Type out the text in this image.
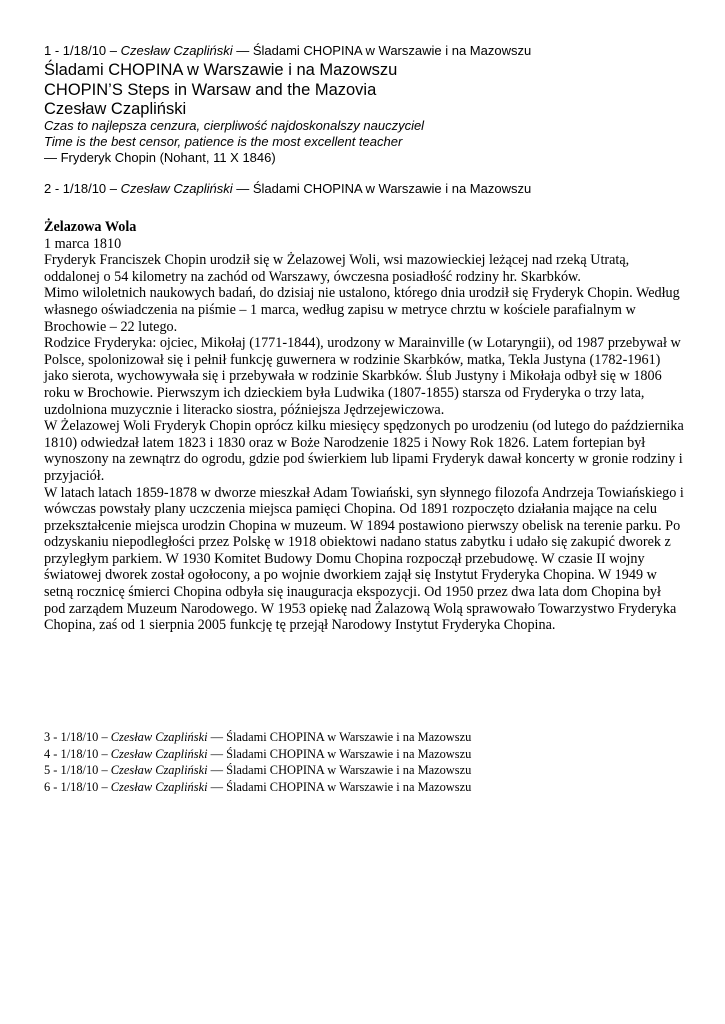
1 - 1/18/10 – Czesław Czapliński — Śladami CHOPINA w Warszawie i na Mazowszu
Śladami CHOPINA w Warszawie i na Mazowszu
CHOPIN’S Steps in Warsaw and the Mazovia
Czesław Czapliński
Czas to najlepsza cenzura, cierpliwość najdoskonalszy nauczyciel
Time is the best censor, patience is the most excellent teacher
— Fryderyk Chopin (Nohant, 11 X 1846)
2 - 1/18/10 – Czesław Czapliński — Śladami CHOPINA w Warszawie i na Mazowszu

Żelazowa Wola

1 marca 1810

Fryderyk Franciszek Chopin urodził się w Żelazowej Woli, wsi mazowieckiej leżącej nad rzeką Utratą, oddalonej o 54 kilometry na zachód od Warszawy, ówczesna posiadłość rodziny hr. Skarbków.

Mimo wiloletnich naukowych badań, do dzisiaj nie ustalono, którego dnia urodził się Fryderyk Chopin. Według własnego oświadczenia na piśmie – 1 marca, według zapisu w metryce chrztu w kościele parafialnym w Brochowie – 22 lutego.

Rodzice Fryderyka: ojciec, Mikołaj (1771-1844), urodzony w Marainville (w Lotaryngii), od 1987 przebywał w Polsce, spolonizował się i pełnił funkcję guwernera w rodzinie Skarbków, matka, Tekla Justyna (1782-1961) jako sierota, wychowywała się i przebywała w rodzinie Skarbków. Ślub Justyny i Mikołaja odbył się w 1806 roku w Brochowie. Pierwszym ich dzieckiem była Ludwika (1807-1855) starsza od Fryderyka o trzy lata, uzdolniona muzycznie i literacko siostra, późniejsza Jędrzejewiczowa.

W Żelazowej Woli Fryderyk Chopin oprócz kilku miesięcy spędzonych po urodzeniu (od lutego do października 1810) odwiedzał latem 1823 i 1830 oraz w Boże Narodzenie 1825 i Nowy Rok 1826. Latem fortepian był wynoszony na zewnątrz do ogrodu, gdzie pod świerkiem lub lipami Fryderyk dawał koncerty w gronie rodziny i przyjaciół.

W latach latach 1859-1878 w dworze mieszkał Adam Towiański, syn słynnego filozofa Andrzeja Towiańskiego i wówczas powstały plany uczczenia miejsca pamięci Chopina. Od 1891 rozpoczęto działania mające na celu przekształcenie miejsca urodzin Chopina w muzeum. W 1894 postawiono pierwszy obelisk na terenie parku. Po odzyskaniu niepodległości przez Polskę w 1918 obiektowi nadano status zabytku i udało się zakupić dworek z przyległym parkiem. W 1930 Komitet Budowy Domu Chopina rozpoczął przebudowę. W czasie II wojny światowej dworek został ogołocony, a po wojnie dworkiem zajął się Instytut Fryderyka Chopina. W 1949 w setną rocznicę śmierci Chopina odbyła się inauguracja ekspozycji. Od 1950 przez dwa lata dom Chopina był pod zarządem Muzeum Narodowego. W 1953 opiekę nad Żalazową Wolą sprawowało Towarzystwo Fryderyka Chopina, zaś od 1 sierpnia 2005 funkcję tę przejął Narodowy Instytut Fryderyka Chopina.

3 - 1/18/10 – Czesław Czapliński — Śladami CHOPINA w Warszawie i na Mazowszu
4 - 1/18/10 – Czesław Czapliński — Śladami CHOPINA w Warszawie i na Mazowszu
5 - 1/18/10 – Czesław Czapliński — Śladami CHOPINA w Warszawie i na Mazowszu
6 - 1/18/10 – Czesław Czapliński — Śladami CHOPINA w Warszawie i na Mazowszu
